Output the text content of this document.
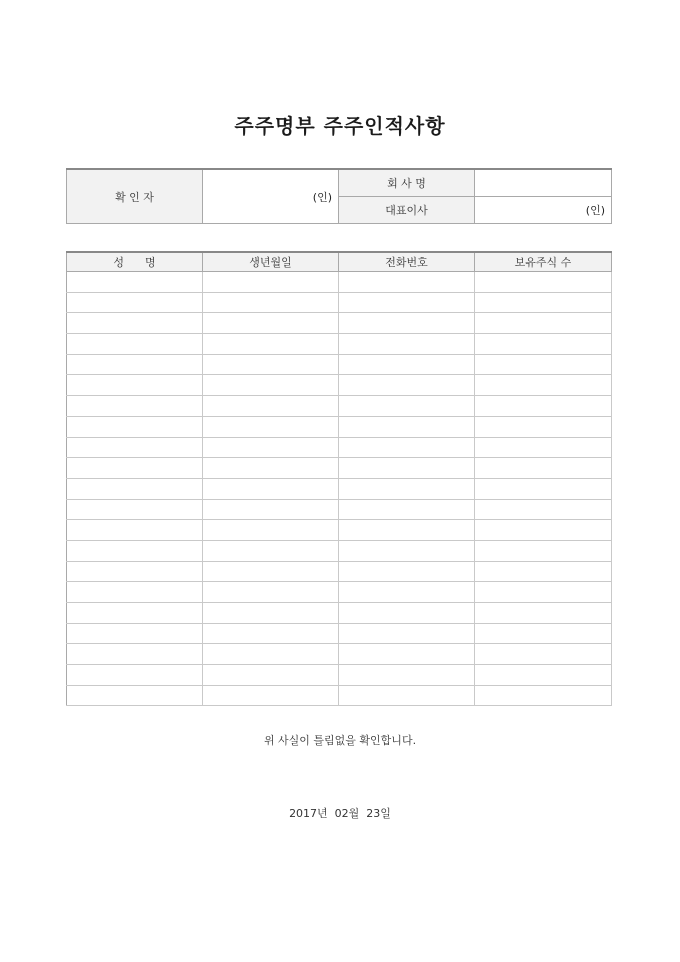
주주명부 주주인적사항
확 인 자	(인)	회 사 명	
		대표이사	(인)
성      명	생년월일	전화번호	보유주식 수

위 사실이 틀림없을 확인합니다.
2017년  02월  23일
